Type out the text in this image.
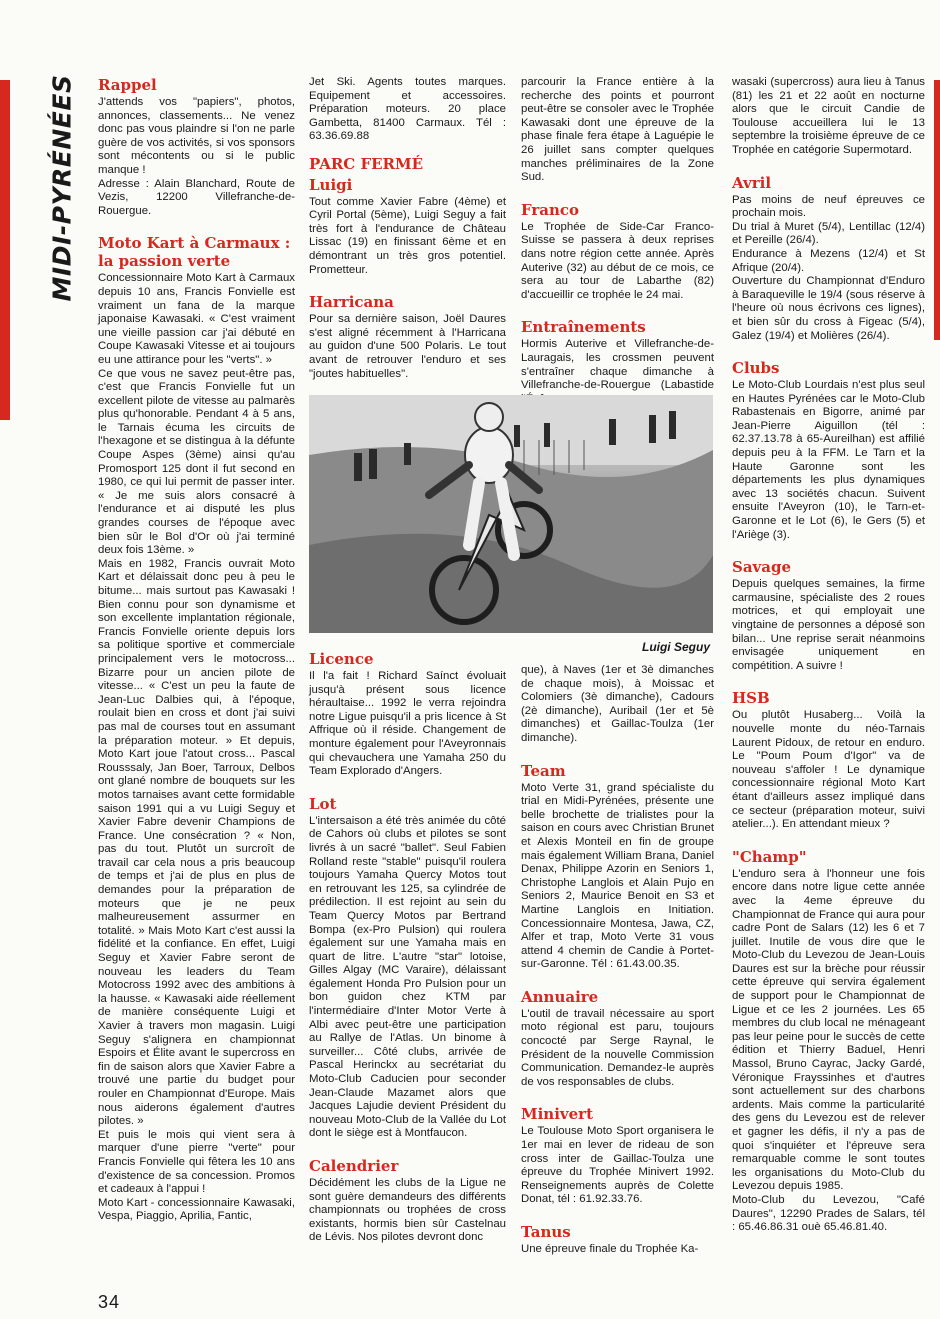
MIDI-PYRÉNÉES Rappel

J'attends vos "papiers", photos, annonces, classements... Ne venez donc pas vous plaindre si l'on ne parle guère de vos activités, si vos sponsors sont mécontents ou si le public manque !

Adresse : Alain Blanchard, Route de Vezis, 12200 Villefranche-de-Rouergue.

Moto Kart à Carmaux : la passion verte

Concessionnaire Moto Kart à Carmaux depuis 10 ans, Francis Fonvielle est vraiment un fana de la marque japonaise Kawasaki. « C'est vraiment une vieille passion car j'ai débuté en Coupe Kawasaki Vitesse et ai toujours eu une attirance pour les "verts". »

Ce que vous ne savez peut-être pas, c'est que Francis Fonvielle fut un excellent pilote de vitesse au palmarès plus qu'honorable. Pendant 4 à 5 ans, le Tarnais écuma les circuits de l'hexagone et se distingua à la défunte Coupe Aspes (3ème) ainsi qu'au Promosport 125 dont il fut second en 1980, ce qui lui permit de passer inter. « Je me suis alors consacré à l'endurance et ai disputé les plus grandes courses de l'époque avec bien sûr le Bol d'Or où j'ai terminé deux fois 13ème. »

Mais en 1982, Francis ouvrait Moto Kart et délaissait donc peu à peu le bitume... mais surtout pas Kawasaki ! Bien connu pour son dynamisme et son excellente implantation régionale, Francis Fonvielle oriente depuis lors sa politique sportive et commerciale principalement vers le motocross... Bizarre pour un ancien pilote de vitesse... « C'est un peu la faute de Jean-Luc Dalbies qui, à l'époque, roulait bien en cross et dont j'ai suivi pas mal de courses tout en assumant la préparation moteur. » Et depuis, Moto Kart joue l'atout cross... Pascal Rousssaly, Jan Boer, Tarroux, Delbos ont glané nombre de bouquets sur les motos tarnaises avant cette formidable saison 1991 qui a vu Luigi Seguy et Xavier Fabre devenir Champions de France. Une consécration ? « Non, pas du tout. Plutôt un surcroît de travail car cela nous a pris beaucoup de temps et j'ai de plus en plus de demandes pour la préparation de moteurs que je ne peux malheureusement assurmer en totalité. » Mais Moto Kart c'est aussi la fidélité et la confiance. En effet, Luigi Seguy et Xavier Fabre seront de nouveau les leaders du Team Motocross 1992 avec des ambitions à la hausse. « Kawasaki aide réellement de manière conséquente Luigi et Xavier à travers mon magasin. Luigi Seguy s'alignera en championnat Espoirs et Élite avant le supercross en fin de saison alors que Xavier Fabre a trouvé une partie du budget pour rouler en Championnat d'Europe. Mais nous aiderons également d'autres pilotes. »

Et puis le mois qui vient sera à marquer d'une pierre "verte" pour Francis Fonvielle qui fêtera les 10 ans d'existence de sa concession. Promos et cadeaux à l'appui !

Moto Kart - concessionnaire Kawasaki, Vespa, Piaggio, Aprilia, Fantic,

Jet Ski. Agents toutes marques. Equipement et accessoires. Préparation moteurs. 20 place Gambetta, 81400 Carmaux. Tél : 63.36.69.88

PARC FERMÉ
Luigi

Tout comme Xavier Fabre (4ème) et Cyril Portal (5ème), Luigi Seguy a fait très fort à l'endurance de Château Lissac (19) en finissant 6ème et en démontrant un très gros potentiel. Prometteur.

Harricana

Pour sa dernière saison, Joël Daures s'est aligné récemment à l'Harricana au guidon d'une 500 Polaris. Le tout avant de retrouver l'enduro et ses "joutes habituelles".

parcourir la France entière à la recherche des points et pourront peut-être se consoler avec le Trophée Kawasaki dont une épreuve de la phase finale fera étape à Laguépie le 26 juillet sans compter quelques manches préliminaires de la Zone Sud.

Franco

Le Trophée de Side-Car Franco-Suisse se passera à deux reprises dans notre région cette année. Après Auterive (32) au début de ce mois, ce sera au tour de Labarthe (82) d'accueillir ce trophée le 24 mai.

Entraînements

Hormis Auterive et Villefranche-de-Lauragais, les crossmen peuvent s'entraîner chaque dimanche à Villefranche-de-Rouergue (Labastide

Luigi Seguy
Licence

Il l'a fait ! Richard Saínct évoluait jusqu'à présent sous licence héraultaise... 1992 le verra rejoindra notre Ligue puisqu'il a pris licence à St Affrique où il réside. Changement de monture également pour l'Aveyronnais qui chevauchera une Yamaha 250 du Team Explorado d'Angers.

Lot

L'intersaison a été très animée du côté de Cahors où clubs et pilotes se sont livrés à un sacré "ballet". Seul Fabien Rolland reste "stable" puisqu'il roulera toujours Yamaha Quercy Motos tout en retrouvant les 125, sa cylindrée de prédilection. Il est rejoint au sein du Team Quercy Motos par Bertrand Bompa (ex-Pro Pulsion) qui roulera également sur une Yamaha mais en quart de litre. L'autre "star" lotoise, Gilles Algay (MC Varaire), délaissant également Honda Pro Pulsion pour un bon guidon chez KTM par l'intermédiaire d'Inter Motor Verte à Albi avec peut-être une participation au Rallye de l'Atlas. Un binome à surveiller... Côté clubs, arrivée de Pascal Herinckx au secrétariat du Moto-Club Caducien pour seconder Jean-Claude Mazamet alors que Jacques Lajudie devient Président du nouveau Moto-Club de la Vallée du Lot dont le siège est à Montfaucon.

Calendrier

Décidément les clubs de la Ligue ne sont guère demandeurs des différents championnats ou trophées de cross existants, hormis bien sûr Castelnau de Lévis. Nos pilotes devront donc

que), à Naves (1er et 3è dimanches de chaque mois), à Moissac et Colomiers (3è dimanche), Cadours (2è dimanche), Auribail (1er et 5è dimanches) et Gaillac-Toulza (1er dimanche).

Team

Moto Verte 31, grand spécialiste du trial en Midi-Pyrénées, présente une belle brochette de trialistes pour la saison en cours avec Christian Brunet et Alexis Monteil en fin de groupe mais également William Brana, Daniel Denax, Philippe Azorin en Seniors 1, Christophe Langlois et Alain Pujo en Seniors 2, Maurice Benoit en S3 et Martine Langlois en Initiation. Concessionnaire Montesa, Jawa, CZ, Alfer et trap, Moto Verte 31 vous attend 4 chemin de Candie à Portet-sur-Garonne. Tél : 61.43.00.35.

Annuaire

L'outil de travail nécessaire au sport moto régional est paru, toujours concocté par Serge Raynal, le Président de la nouvelle Commission Communication. Demandez-le auprès de vos responsables de clubs.

Minivert

Le Toulouse Moto Sport organisera le 1er mai en lever de rideau de son cross inter de Gaillac-Toulza une épreuve du Trophée Minivert 1992. Renseignements auprès de Colette Donat, tél : 61.92.33.76.

Tanus

Une épreuve finale du Trophée Ka-

wasaki (supercross) aura lieu à Tanus (81) les 21 et 22 août en nocturne alors que le circuit Candie de Toulouse accueillera lui le 13 septembre la troisième épreuve de ce Trophée en catégorie Supermotard.

Avril

Pas moins de neuf épreuves ce prochain mois.

Du trial à Muret (5/4), Lentillac (12/4) et Pereille (26/4).

Endurance à Mezens (12/4) et St Afrique (20/4).

Ouverture du Championnat d'Enduro à Baraqueville le 19/4 (sous réserve à l'heure où nous écrivons ces lignes), et bien sûr du cross à Figeac (5/4), Galez (19/4) et Molières (26/4).

Clubs

Le Moto-Club Lourdais n'est plus seul en Hautes Pyrénées car le Moto-Club Rabastenais en Bigorre, animé par Jean-Pierre Aiguillon (tél : 62.37.13.78 à 65-Aureilhan) est affilié depuis peu à la FFM. Le Tarn et la Haute Garonne sont les départements les plus dynamiques avec 13 sociétés chacun. Suivent ensuite l'Aveyron (10), le Tarn-et-Garonne et le Lot (6), le Gers (5) et l'Ariège (3).

Savage

Depuis quelques semaines, la firme carmausine, spécialiste des 2 roues motrices, et qui employait une vingtaine de personnes a déposé son bilan... Une reprise serait néanmoins envisagée uniquement en compétition. A suivre !

HSB

Ou plutôt Husaberg... Voilà la nouvelle monte du néo-Tarnais Laurent Pidoux, de retour en enduro. Le "Poum Poum d'Igor" va de nouveau s'affoler ! Le dynamique concessionnaire régional Moto Kart étant d'ailleurs assez impliqué dans ce secteur (préparation moteur, suivi atelier...). En attendant mieux ?

"Champ"

L'enduro sera à l'honneur une fois encore dans notre ligue cette année avec la 4eme épreuve du Championnat de France qui aura pour cadre Pont de Salars (12) les 6 et 7 juillet. Inutile de vous dire que le Moto-Club du Levezou de Jean-Louis Daures est sur la brèche pour réussir cette épreuve qui servira également de support pour le Championnat de Ligue et ce les 2 journées. Les 65 membres du club local ne ménageant pas leur peine pour le succès de cette édition et Thierry Baduel, Henri Massol, Bruno Cayrac, Jacky Gardé, Véronique Frayssinhes et d'autres sont actuellement sur des charbons ardents. Mais comme la particularité des gens du Levezou est de relever et gagner les défis, il n'y a pas de quoi s'inquiéter et l'épreuve sera remarquable comme le sont toutes les organisations du Moto-Club du Levezou depuis 1985.

Moto-Club du Levezou, "Café Daures", 12290 Prades de Salars, tél : 65.46.86.31 ouè 65.46.81.40.

34
